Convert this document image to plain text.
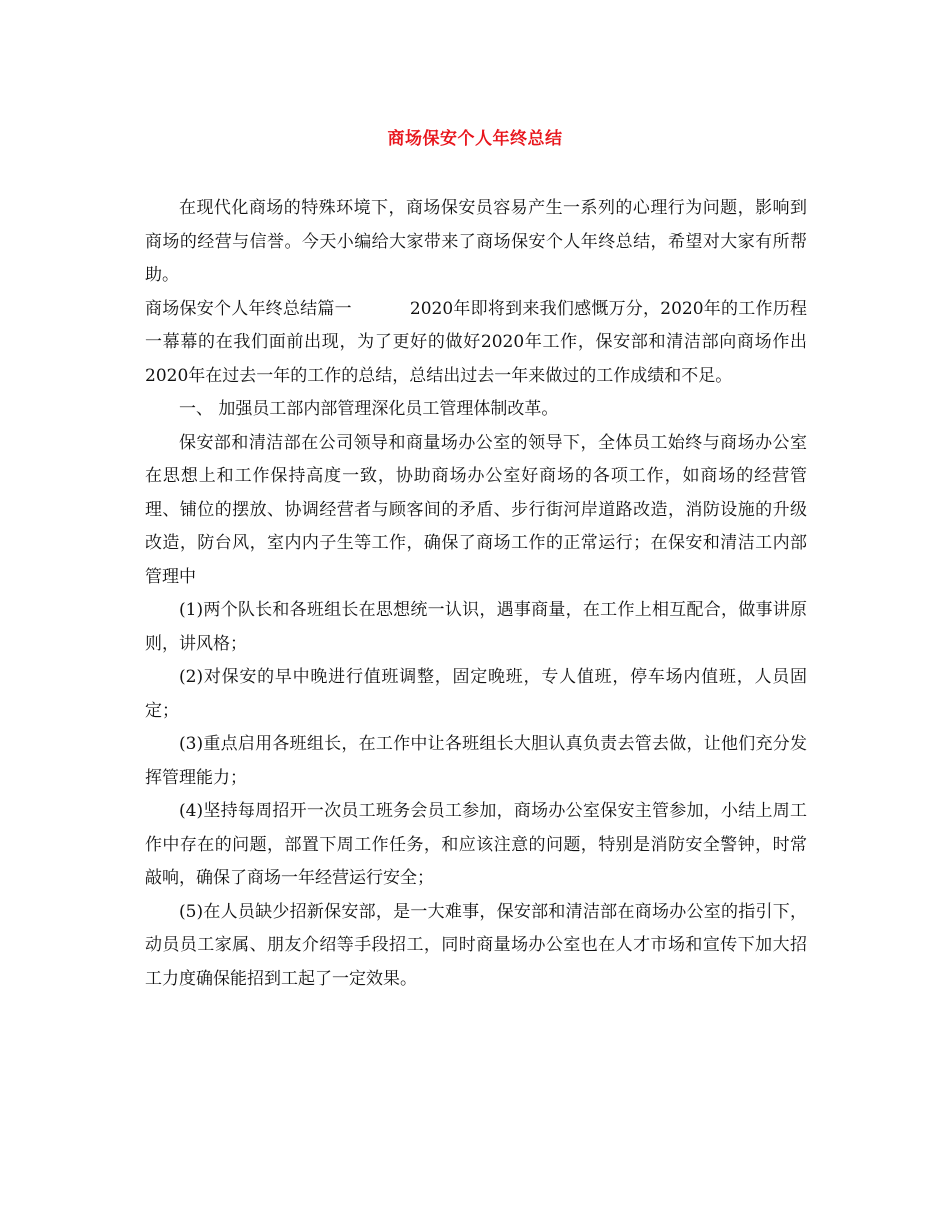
商场保安个人年终总结

在现代化商场的特殊环境下，商场保安员容易产生一系列的心理行为问题，影响到商场的经营与信誉。今天小编给大家带来了商场保安个人年终总结，希望对大家有所帮助。

商场保安个人年终总结篇一	2020年即将到来我们感慨万分，2020年的工作历程一幕幕的在我们面前出现，为了更好的做好2020年工作，保安部和清洁部向商场作出2020年在过去一年的工作的总结，总结出过去一年来做过的工作成绩和不足。

一、 加强员工部内部管理深化员工管理体制改革。

保安部和清洁部在公司领导和商量场办公室的领导下，全体员工始终与商场办公室在思想上和工作保持高度一致，协助商场办公室好商场的各项工作，如商场的经营管理、铺位的摆放、协调经营者与顾客间的矛盾、步行街河岸道路改造，消防设施的升级改造，防台风，室内内子生等工作，确保了商场工作的正常运行；在保安和清洁工内部管理中

(1)两个队长和各班组长在思想统一认识，遇事商量，在工作上相互配合，做事讲原则，讲风格；

(2)对保安的早中晚进行值班调整，固定晚班，专人值班，停车场内值班，人员固定；

(3)重点启用各班组长，在工作中让各班组长大胆认真负责去管去做，让他们充分发挥管理能力；

(4)坚持每周招开一次员工班务会员工参加，商场办公室保安主管参加，小结上周工作中存在的问题，部置下周工作任务，和应该注意的问题，特别是消防安全警钟，时常敲响，确保了商场一年经营运行安全；

(5)在人员缺少招新保安部，是一大难事，保安部和清洁部在商场办公室的指引下，动员员工家属、朋友介绍等手段招工，同时商量场办公室也在人才市场和宣传下加大招工力度确保能招到工起了一定效果。
